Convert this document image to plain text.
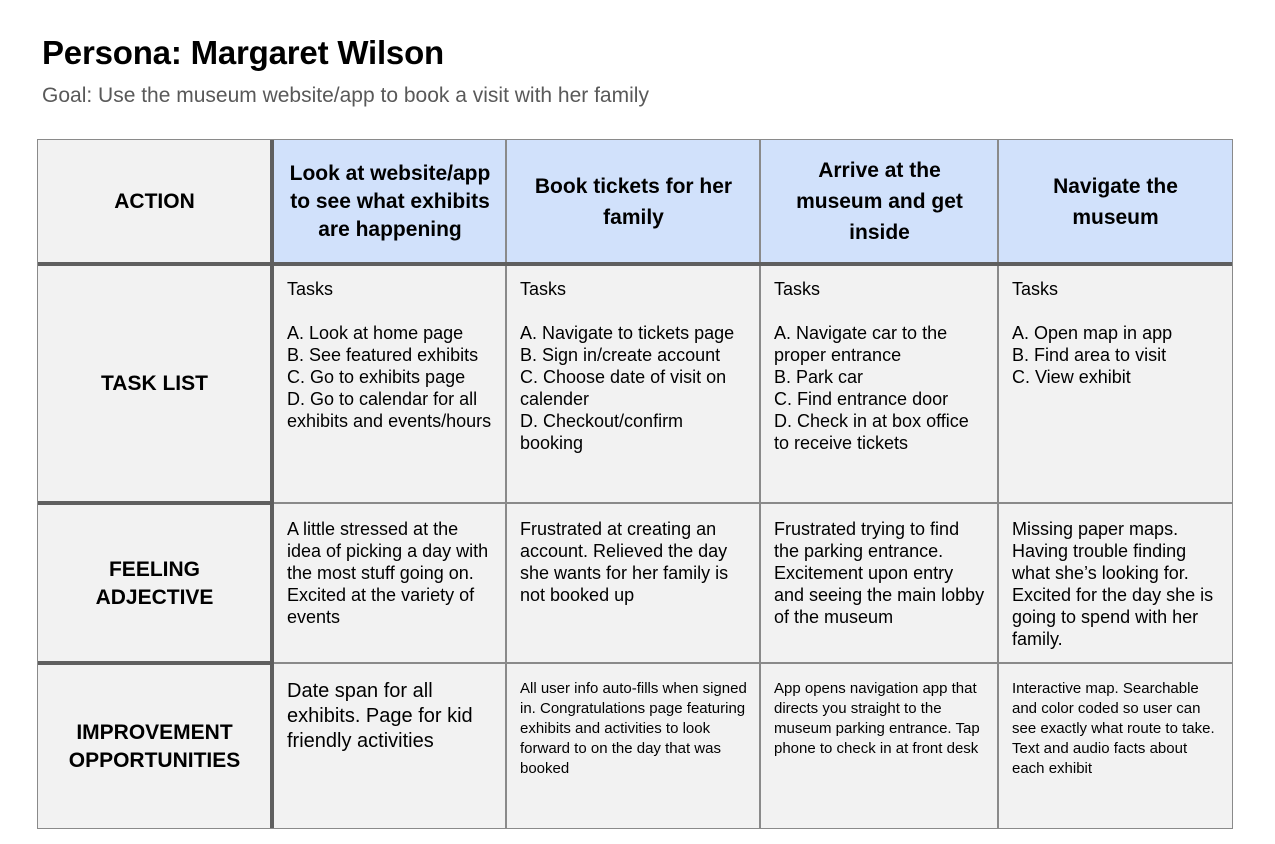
Persona: Margaret Wilson
Goal: Use the museum website/app to book a visit with her family
ACTION
TASK LIST
FEELING
ADJECTIVE
IMPROVEMENT
OPPORTUNITIES
Look at website/app to see what exhibits are happening
Book tickets for her family
Arrive at the museum and get inside
Navigate the museum
Tasks

A. Look at home page
B. See featured exhibits
C. Go to exhibits page
D. Go to calendar for all exhibits and events/hours
Tasks

A. Navigate to tickets page
B. Sign in/create account
C. Choose date of visit on calender
D. Checkout/confirm booking
Tasks

A. Navigate car to the proper entrance
B. Park car
C. Find entrance door
D. Check in at box office to receive tickets
Tasks

A. Open map in app
B. Find area to visit
C. View exhibit
A little stressed at the idea of picking a day with the most stuff going on. Excited at the variety of events
Frustrated at creating an account. Relieved the day she wants for her family is not booked up
Frustrated trying to find the parking entrance. Excitement upon entry and seeing the main lobby of the museum
Missing paper maps. Having trouble finding what she’s looking for. Excited for the day she is going to spend with her family.
Date span for all exhibits. Page for kid friendly activities
All user info auto-fills when signed in. Congratulations page featuring exhibits and activities to look forward to on the day that was booked
App opens navigation app that directs you straight to the museum parking entrance. Tap phone to check in at front desk
Interactive map. Searchable and color coded so user can see exactly what route to take. Text and audio facts about each exhibit
